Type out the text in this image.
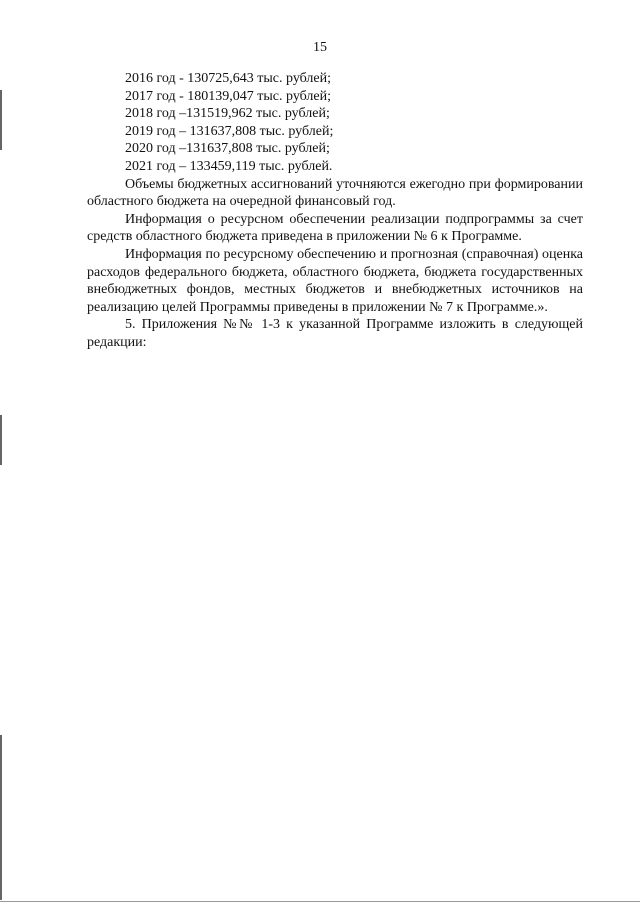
15
2016 год - 130725,643 тыс. рублей;
2017 год - 180139,047 тыс. рублей;
2018 год –131519,962 тыс. рублей;
2019 год – 131637,808 тыс. рублей;
2020 год –131637,808 тыс. рублей;
2021 год – 133459,119 тыс. рублей.

Объемы бюджетных ассигнований уточняются ежегодно при формировании областного бюджета на очередной финансовый год.

Информация о ресурсном обеспечении реализации подпрограммы за счет средств областного бюджета приведена в приложении № 6 к Программе.

Информация по ресурсному обеспечению и прогнозная (справочная) оценка расходов федерального бюджета, областного бюджета, бюджета государственных внебюджетных фондов, местных бюджетов и внебюджетных источников на реализацию целей Программы приведены в приложении № 7 к Программе.».

5. Приложения №№ 1-3 к указанной Программе изложить в следующей редакции:
